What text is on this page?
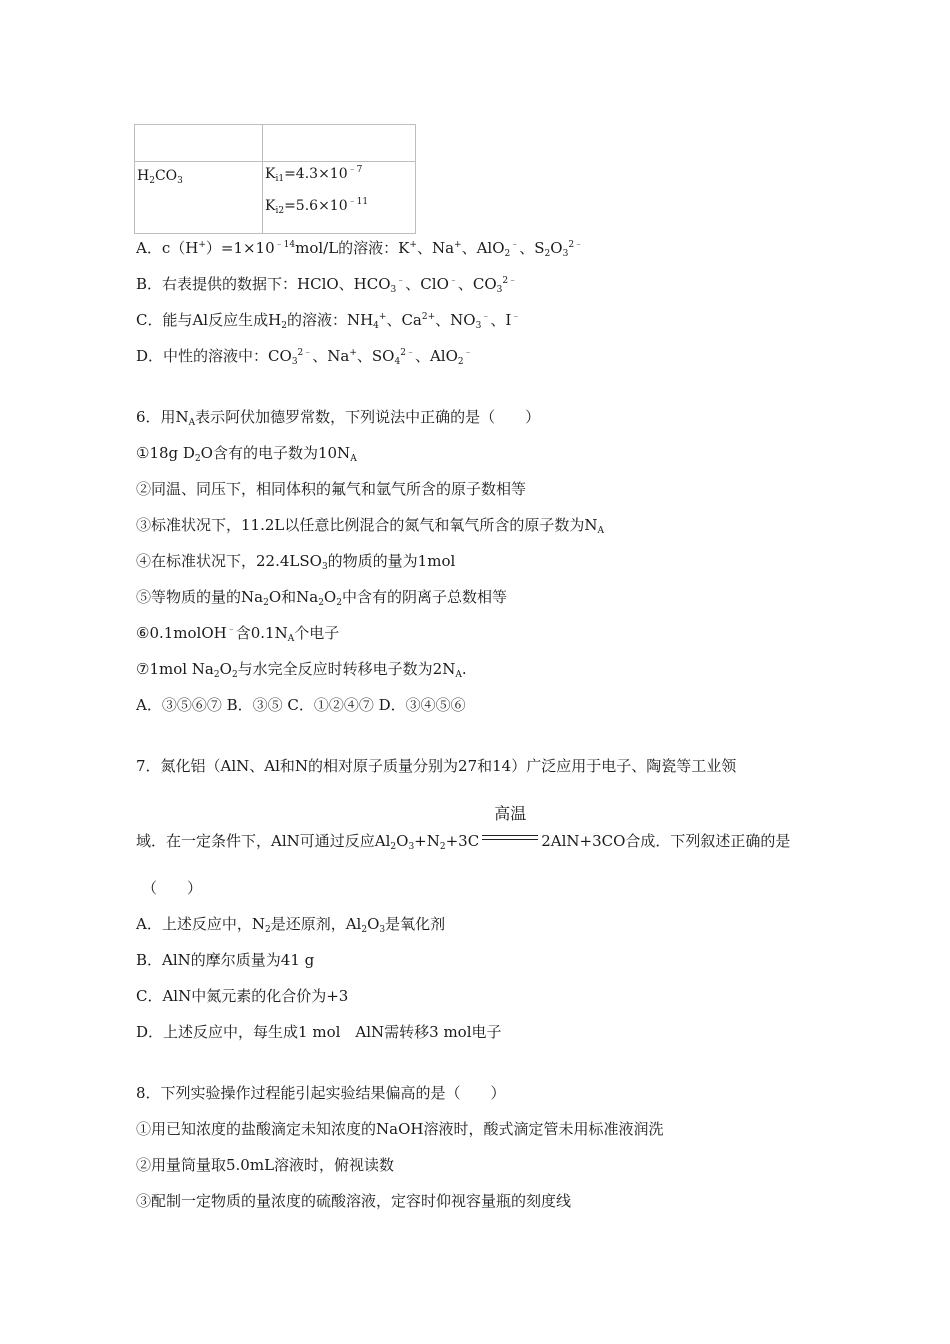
$H_2CO_3$	$K_{i1}=4.3\times 10^{﹣7}$
$K_{i2}=5.6\times 10^{﹣11}$
A．$c(H^+)=1\times 10^{﹣14}mol/L$的溶液：K+、Na+、AlO$_2$﹣、$S_2O_3^{2﹣}$
B．右表提供的数据下：HClO、$HCO_3^﹣$、ClO﹣、$CO_3^{2﹣}$
C．能与Al反应生成$H_2$的溶液：$NH_4^+$、$Ca^{2+}$、$NO_3^﹣$、I﹣
D．中性的溶液中：$CO_3^{2﹣}$、Na+、$SO_4^{2﹣}$、AlO$_2$﹣
6．用$N_A$表示阿伏加德罗常数，下列说法中正确的是（　　）
①18g $D_2O$含有的电子数为$10N_A$
②同温、同压下，相同体积的氟气和氩气所含的原子数相等
③标准状况下，11.2L以任意比例混合的氮气和氧气所含的原子数为$N_A$
④在标准状况下，$22.4LSO_3$的物质的量为1mol
⑤等物质的量的$Na_2O$和$Na_2O_2$中含有的阴离子总数相等
⑥0.1molOH﹣含$0.1N_A$个电子
⑦1mol $Na_2O_2$与水完全反应时转移电子数为$2N_A$.
A．③⑤⑥⑦ B．③⑤ C．①②④⑦ D．③④⑤⑥
7．氮化铝（AlN、Al和N的相对原子质量分别为27和14）广泛应用于电子、陶瓷等工业领
域．在一定条件下，AlN可通过反应$Al_2O_3+N_2+3C$
高温
2AlN+3CO合成．下列叙述正确的是
（　　）
A．上述反应中，$N_2$是还原剂，$Al_2O_3$是氧化剂
B．AlN的摩尔质量为41 g
C．AlN中氮元素的化合价为+3
D．上述反应中，每生成1 mol　AlN需转移3 mol电子
8．下列实验操作过程能引起实验结果偏高的是（　　）
①用已知浓度的盐酸滴定未知浓度的NaOH溶液时，酸式滴定管未用标准液润洗
②用量筒量取5.0mL溶液时，俯视读数
③配制一定物质的量浓度的硫酸溶液，定容时仰视容量瓶的刻度线
